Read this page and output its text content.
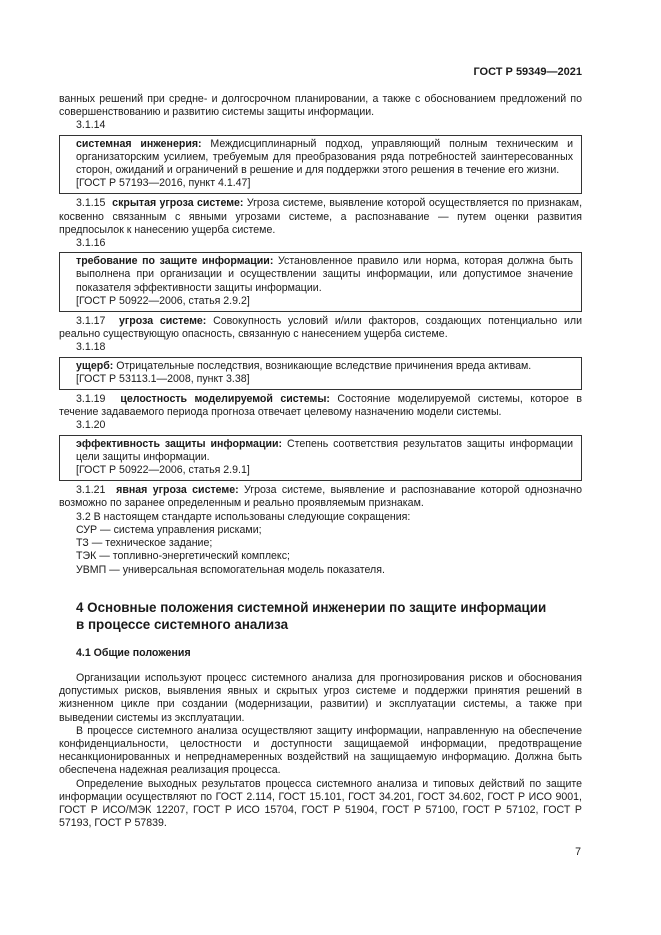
ГОСТ Р 59349—2021

ванных решений при средне- и долгосрочном планировании, а также с обоснованием предложений по совершенствованию и развитию системы защиты информации.

3.1.14

системная инженерия: Междисциплинарный подход, управляющий полным техническим и организаторским усилием, требуемым для преобразования ряда потребностей заинтересованных сторон, ожиданий и ограничений в решение и для поддержки этого решения в течение его жизни.

[ГОСТ Р 57193—2016, пункт 4.1.47]

3.1.15 скрытая угроза системе: Угроза системе, выявление которой осуществляется по признакам, косвенно связанным с явными угрозами системе, а распознавание — путем оценки развития предпосылок к нанесению ущерба системе.

3.1.16

требование по защите информации: Установленное правило или норма, которая должна быть выполнена при организации и осуществлении защиты информации, или допустимое значение показателя эффективности защиты информации.

[ГОСТ Р 50922—2006, статья 2.9.2]

3.1.17 угроза системе: Совокупность условий и/или факторов, создающих потенциально или реально существующую опасность, связанную с нанесением ущерба системе.

3.1.18

ущерб: Отрицательные последствия, возникающие вследствие причинения вреда активам.

[ГОСТ Р 53113.1—2008, пункт 3.38]

3.1.19 целостность моделируемой системы: Состояние моделируемой системы, которое в течение задаваемого периода прогноза отвечает целевому назначению модели системы.

3.1.20

эффективность защиты информации: Степень соответствия результатов защиты информации цели защиты информации.

[ГОСТ Р 50922—2006, статья 2.9.1]

3.1.21 явная угроза системе: Угроза системе, выявление и распознавание которой однозначно возможно по заранее определенным и реально проявляемым признакам.

3.2 В настоящем стандарте использованы следующие сокращения:

СУР — система управления рисками;

ТЗ — техническое задание;

ТЭК — топливно-энергетический комплекс;

УВМП — универсальная вспомогательная модель показателя.

4 Основные положения системной инженерии по защите информации
в процессе системного анализа
4.1 Общие положения

Организации используют процесс системного анализа для прогнозирования рисков и обоснования допустимых рисков, выявления явных и скрытых угроз системе и поддержки принятия решений в жизненном цикле при создании (модернизации, развитии) и эксплуатации системы, а также при выведении системы из эксплуатации.

В процессе системного анализа осуществляют защиту информации, направленную на обеспечение конфиденциальности, целостности и доступности защищаемой информации, предотвращение несанкционированных и непреднамеренных воздействий на защищаемую информацию. Должна быть обеспечена надежная реализация процесса.

Определение выходных результатов процесса системного анализа и типовых действий по защите информации осуществляют по ГОСТ 2.114, ГОСТ 15.101, ГОСТ 34.201, ГОСТ 34.602, ГОСТ Р ИСО 9001, ГОСТ Р ИСО/МЭК 12207, ГОСТ Р ИСО 15704, ГОСТ Р 51904, ГОСТ Р 57100, ГОСТ Р 57102, ГОСТ Р 57193, ГОСТ Р 57839.

7
